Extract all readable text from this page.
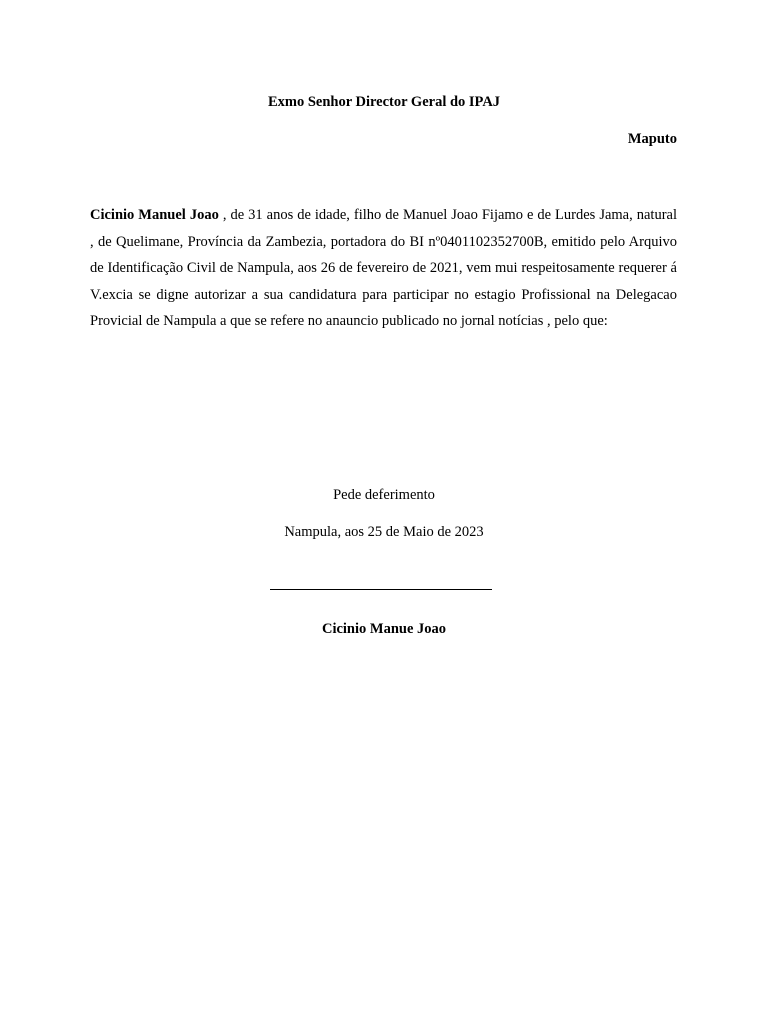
Exmo Senhor Director Geral do IPAJ
Maputo
Cicinio Manuel Joao , de 31 anos de idade, filho de Manuel Joao Fijamo e de Lurdes Jama, natural , de Quelimane, Província da Zambezia, portadora do BI nº0401102352700B, emitido pelo Arquivo de Identificação Civil de Nampula, aos 26 de fevereiro de 2021, vem mui respeitosamente requerer á V.excia se digne autorizar a sua candidatura para participar no estagio Profissional na Delegacao Provicial de Nampula a que se refere no anauncio publicado no jornal notícias , pelo que:
Pede deferimento
Nampula, aos 25 de Maio de 2023
Cicinio Manue Joao
